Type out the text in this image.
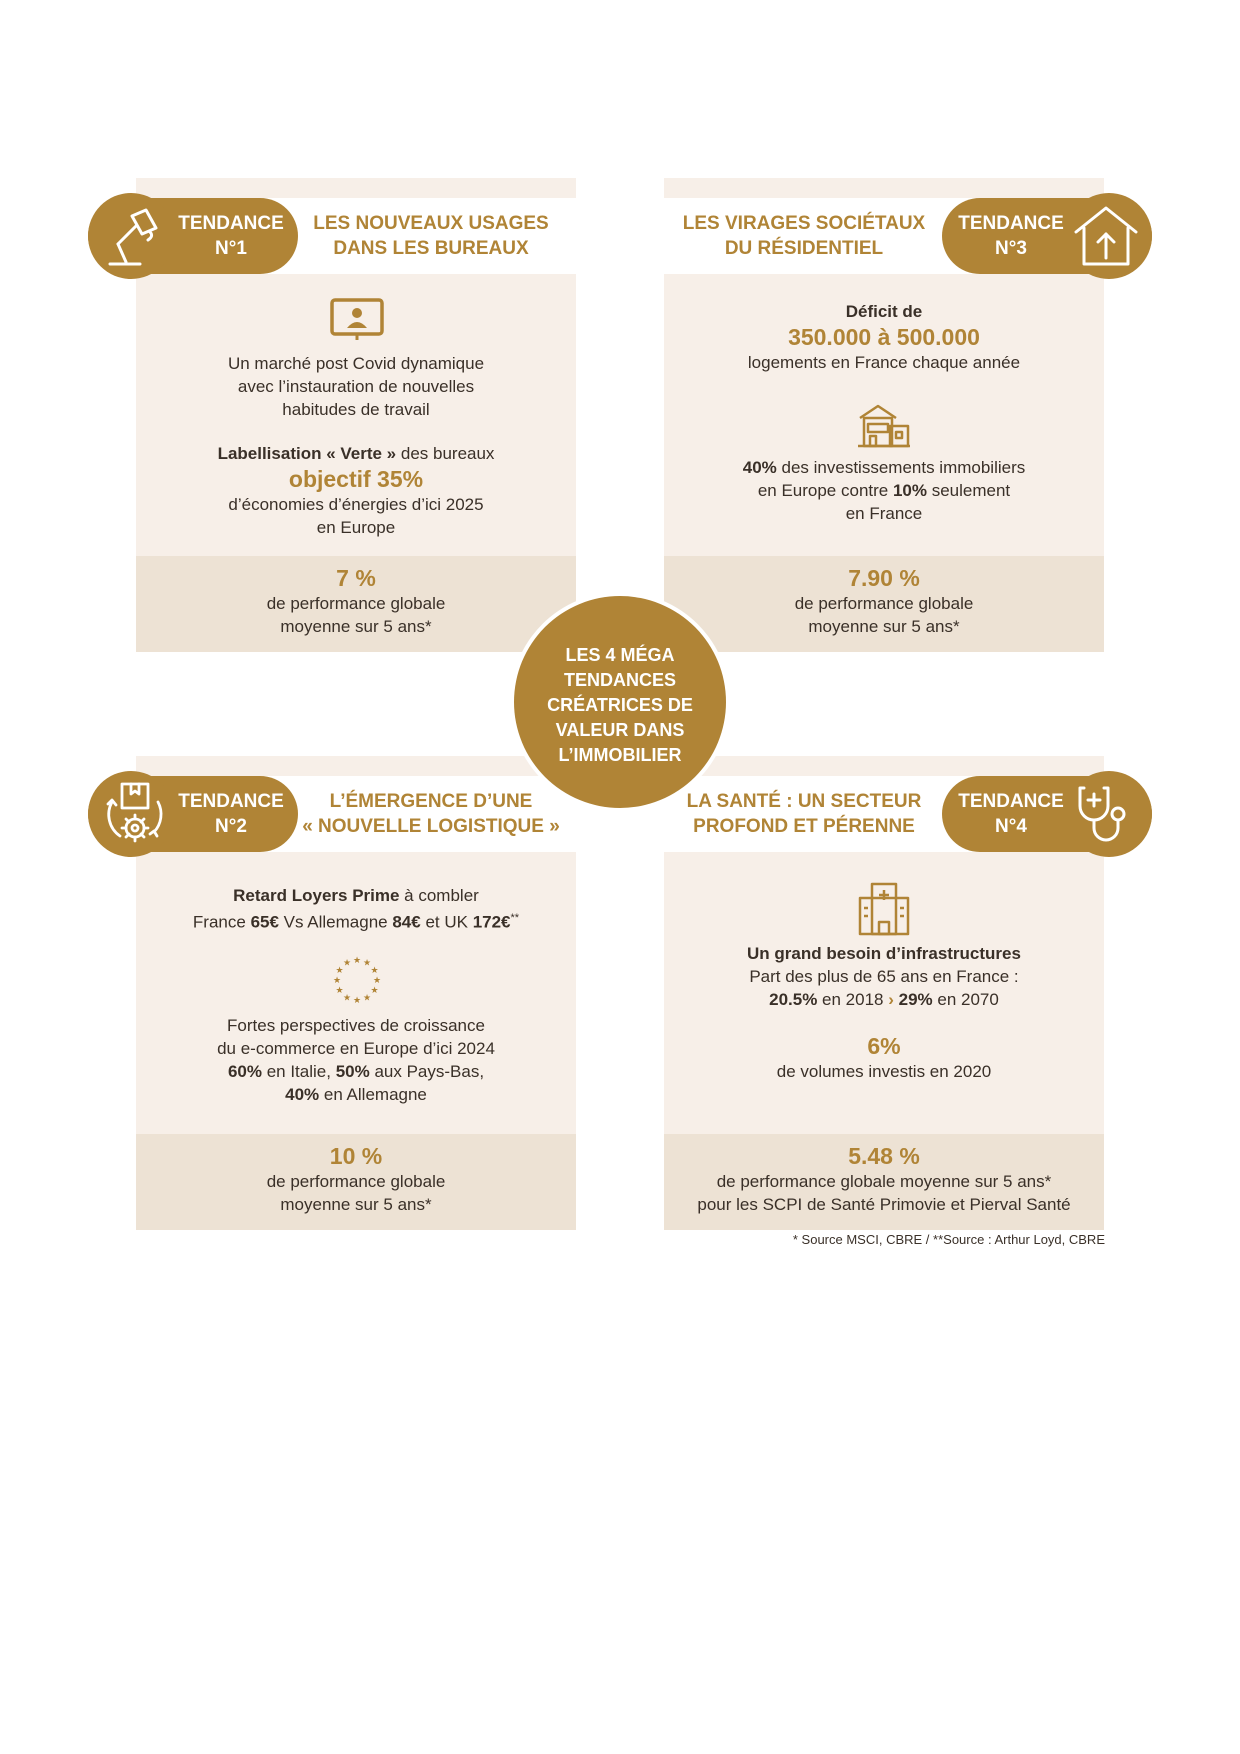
LES NOUVEAUX USAGES
DANS LES BUREAUX
Un marché post Covid dynamique
avec l’instauration de nouvelles
habitudes de travail
Labellisation « Verte » des bureaux
objectif 35%
d’économies d’énergies d’ici 2025
en Europe
7 %
de performance globale
moyenne sur 5 ans*
TENDANCE
N°1
LES VIRAGES SOCIÉTAUX
DU RÉSIDENTIEL
Déficit de
350.000 à 500.000
logements en France chaque année
40% des investissements immobiliers
en Europe contre 10% seulement
en France
7.90 %
de performance globale
moyenne sur 5 ans*
TENDANCE
N°3
L’ÉMERGENCE D’UNE
« NOUVELLE LOGISTIQUE »
Retard Loyers Prime à combler
France 65€ Vs Allemagne 84€ et UK 172€**
★ ★
★
★
★
★
★
★
★
★
★
★
Fortes perspectives de croissance
du e-commerce en Europe d’ici 2024
60% en Italie, 50% aux Pays-Bas,
40% en Allemagne
10 %
de performance globale
moyenne sur 5 ans*
TENDANCE
N°2
LA SANTÉ : UN SECTEUR
PROFOND ET PÉRENNE
Un grand besoin d’infrastructures
Part des plus de 65 ans en France :
20.5% en 2018 › 29% en 2070
6%
de volumes investis en 2020
5.48 %
de performance globale moyenne sur 5 ans*
pour les SCPI de Santé Primovie et Pierval Santé
TENDANCE
N°4
LES 4 MÉGA
TENDANCES
CRÉATRICES DE
VALEUR DANS
L’IMMOBILIER
* Source MSCI, CBRE / **Source : Arthur Loyd, CBRE
